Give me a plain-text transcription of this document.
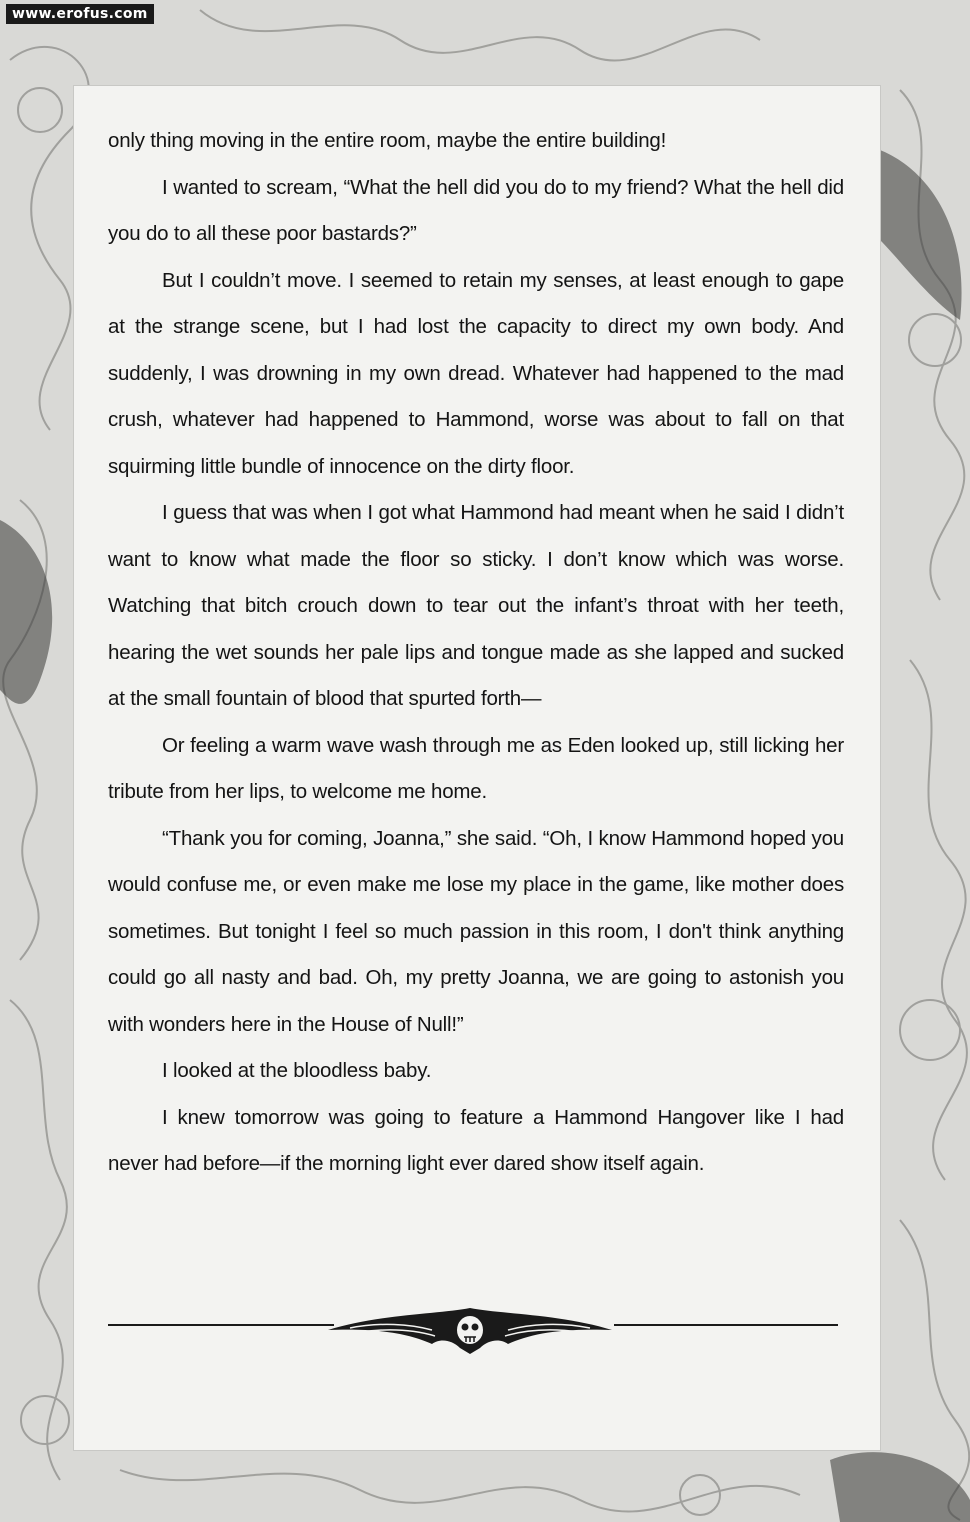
www.erofus.com

only thing moving in the entire room, maybe the entire building!

I wanted to scream, “What the hell did you do to my friend? What the hell did you do to all these poor bastards?”

But I couldn’t move. I seemed to retain my senses, at least enough to gape at the strange scene, but I had lost the capacity to direct my own body. And suddenly, I was drowning in my own dread. Whatever had happened to the mad crush, whatever had happened to Hammond, worse was about to fall on that squirming little bundle of innocence on the dirty floor.

I guess that was when I got what Hammond had meant when he said I didn’t want to know what made the floor so sticky. I don’t know which was worse. Watching that bitch crouch down to tear out the infant’s throat with her teeth, hearing the wet sounds her pale lips and tongue made as she lapped and sucked at the small fountain of blood that spurted forth—

Or feeling a warm wave wash through me as Eden looked up, still licking her tribute from her lips, to welcome me home.

“Thank you for coming, Joanna,” she said. “Oh, I know Hammond hoped you would confuse me, or even make me lose my place in the game, like mother does sometimes. But tonight I feel so much passion in this room, I don't think anything could go all nasty and bad. Oh, my pretty Joanna, we are going to astonish you with wonders here in the House of Null!”

I looked at the bloodless baby.

I knew tomorrow was going to feature a Hammond Hangover like I had never had before—if the morning light ever dared show itself again.
